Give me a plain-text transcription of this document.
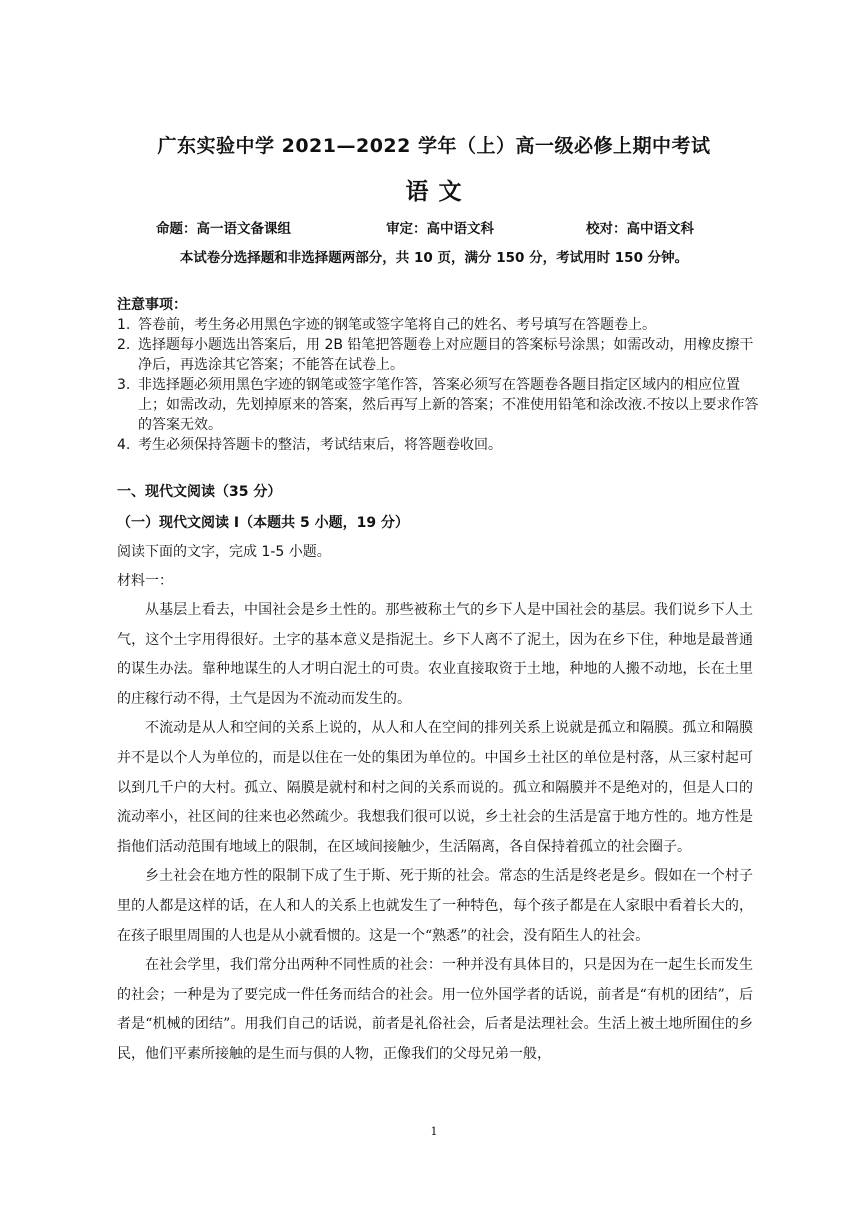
广东实验中学 2021—2022 学年（上）高一级必修上期中考试
语 文
命题：高一语文备课组	审定：高中语文科	校对：高中语文科
本试卷分选择题和非选择题两部分，共 10 页，满分 150 分，考试用时 150 分钟。
注意事项：
1. 答卷前，考生务必用黑色字迹的钢笔或签字笔将自己的姓名、考号填写在答题卷上。
2. 选择题每小题选出答案后，用 2B 铅笔把答题卷上对应题目的答案标号涂黑；如需改动，用橡皮擦干净后，再选涂其它答案；不能答在试卷上。
3. 非选择题必须用黑色字迹的钢笔或签字笔作答，答案必须写在答题卷各题目指定区域内的相应位置上；如需改动，先划掉原来的答案，然后再写上新的答案；不准使用铅笔和涂改液.不按以上要求作答的答案无效。
4. 考生必须保持答题卡的整洁，考试结束后，将答题卷收回。
一、现代文阅读（35 分）
（一）现代文阅读 I（本题共 5 小题，19 分）
阅读下面的文字，完成 1-5 小题。
材料一：

从基层上看去，中国社会是乡土性的。那些被称土气的乡下人是中国社会的基层。我们说乡下人土气，这个土字用得很好。土字的基本意义是指泥土。乡下人离不了泥土，因为在乡下住，种地是最普通的谋生办法。靠种地谋生的人才明白泥土的可贵。农业直接取资于土地，种地的人搬不动地，长在土里的庄稼行动不得，土气是因为不流动而发生的。

不流动是从人和空间的关系上说的，从人和人在空间的排列关系上说就是孤立和隔膜。孤立和隔膜并不是以个人为单位的，而是以住在一处的集团为单位的。中国乡土社区的单位是村落，从三家村起可以到几千户的大村。孤立、隔膜是就村和村之间的关系而说的。孤立和隔膜并不是绝对的，但是人口的流动率小，社区间的往来也必然疏少。我想我们很可以说，乡土社会的生活是富于地方性的。地方性是指他们活动范围有地域上的限制，在区域间接触少，生活隔离，各自保持着孤立的社会圈子。

乡土社会在地方性的限制下成了生于斯、死于斯的社会。常态的生活是终老是乡。假如在一个村子里的人都是这样的话，在人和人的关系上也就发生了一种特色，每个孩子都是在人家眼中看着长大的，在孩子眼里周围的人也是从小就看惯的。这是一个“熟悉”的社会，没有陌生人的社会。

在社会学里，我们常分出两种不同性质的社会：一种并没有具体目的，只是因为在一起生长而发生的社会；一种是为了要完成一件任务而结合的社会。用一位外国学者的话说，前者是“有机的团结”，后者是“机械的团结”。用我们自己的话说，前者是礼俗社会，后者是法理社会。生活上被土地所囿住的乡民，他们平素所接触的是生而与俱的人物，正像我们的父母兄弟一般，

1
